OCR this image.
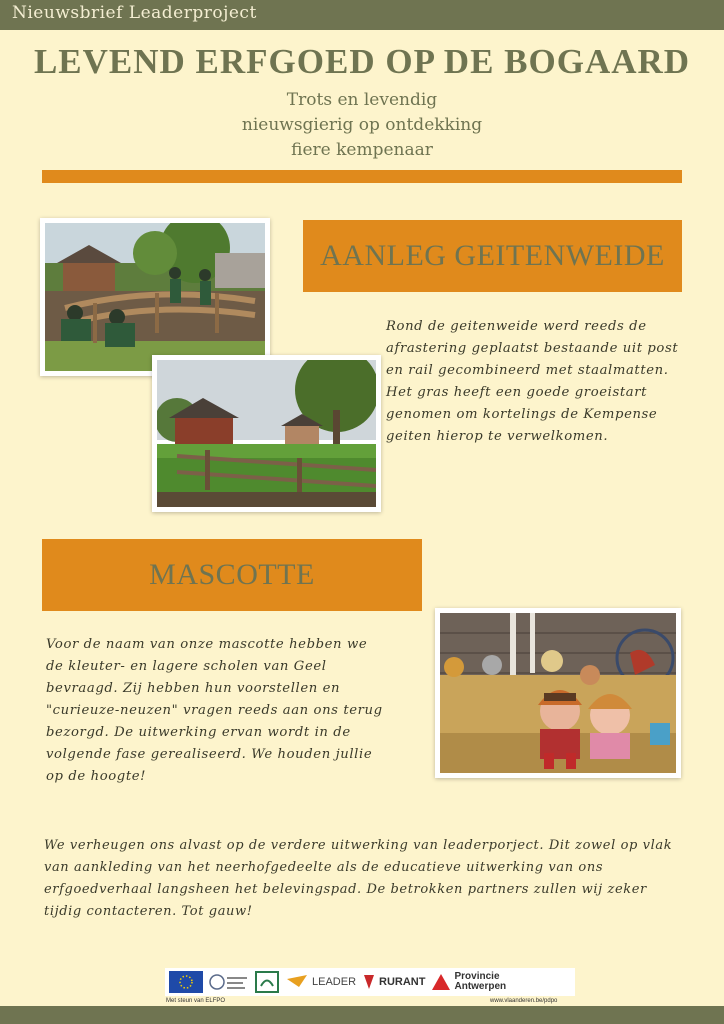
Nieuwsbrief Leaderproject
LEVEND ERFGOED OP DE BOGAARD
Trots en levendig
nieuwsgierig op ontdekking
fiere kempenaar
AANLEG GEITENWEIDE
Rond de geitenweide werd reeds de
afrastering geplaatst bestaande uit post
en rail gecombineerd met staalmatten.
Het gras heeft een goede groeistart
genomen om kortelings de Kempense
geiten hierop te verwelkomen.
MASCOTTE
Voor de naam van onze mascotte hebben we
de kleuter- en lagere scholen van Geel
bevraagd. Zij hebben hun voorstellen en
"curieuze-neuzen" vragen reeds aan ons terug
bezorgd. De uitwerking ervan wordt in de
volgende fase gerealiseerd. We houden jullie
op de hoogte!
We verheugen ons alvast op de verdere uitwerking van leaderporject. Dit zowel op vlak
van aankleding van het neerhofgedeelte als de educatieve uitwerking van ons
erfgoedverhaal langsheen het belevingspad. De betrokken partners zullen wij zeker
tijdig contacteren. Tot gauw!
LEADER RURANT	Provincie
Antwerpen
Met steun van ELFPO	www.vlaanderen.be/pdpo
